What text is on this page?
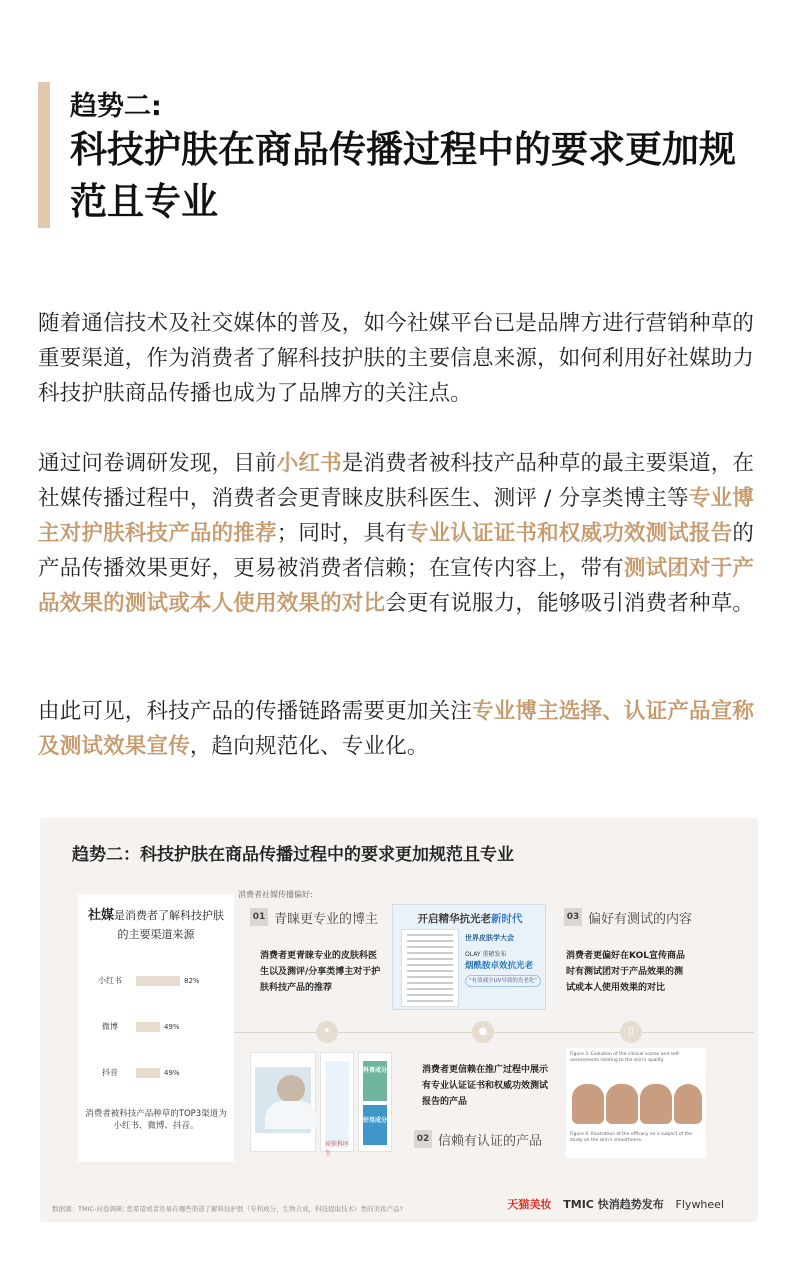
趋势二:
科技护肤在商品传播过程中的要求更加规范且专业
随着通信技术及社交媒体的普及，如今社媒平台已是品牌方进行营销种草的重要渠道，作为消费者了解科技护肤的主要信息来源，如何利用好社媒助力科技护肤商品传播也成为了品牌方的关注点。
通过问卷调研发现，目前小红书是消费者被科技产品种草的最主要渠道，在社媒传播过程中，消费者会更青睐皮肤科医生、测评 / 分享类博主等专业博主对护肤科技产品的推荐；同时，具有专业认证证书和权威功效测试报告的产品传播效果更好，更易被消费者信赖；在宣传内容上，带有测试团对于产品效果的测试或本人使用效果的对比会更有说服力，能够吸引消费者种草。
由此可见，科技产品的传播链路需要更加关注专业博主选择、认证产品宣称及测试效果宣传，趋向规范化、专业化。
趋势二：科技护肤在商品传播过程中的要求更加规范且专业
消费者社媒传播偏好:
社媒是消费者了解科技护肤的主要渠道来源
小红书	82%
微博	49%
抖音	49%
消费者被科技产品种草的TOP3渠道为小红书、微博、抖音。
✦	●	▯
01 青睐更专业的博主
消费者更青睐专业的皮肤科医生以及测评/分享类博主对于护肤科技产品的推荐
开启精华抗光老新时代
世界皮肤学大会
OLAY 重磅发布
烟酰胺卓效抗光老
"有效减少UV导致的光老化"
03 偏好有测试的内容
消费者更偏好在KOL宣传商品时有测试团对于产品效果的测试或本人使用效果的对比
皮肤科医生
科普成分
好用成分
消费者更信赖在推广过程中展示有专业认证证书和权威功效测试报告的产品
02 信赖有认证的产品
Figure 3. Evolution of the clinical scores and self-assessments relating to the skin's quality.
Figure 4. Illustration of the efficacy on a subject of the study on the skin's smoothness.
数据源：TMIC-问卷调研; 您希望或者容易在哪些渠道了解科技护肤（专利成分，生物合成，科技提取技术）类的美妆产品?	天猫美妆 TMIC 快消趋势发布 Flywheel
